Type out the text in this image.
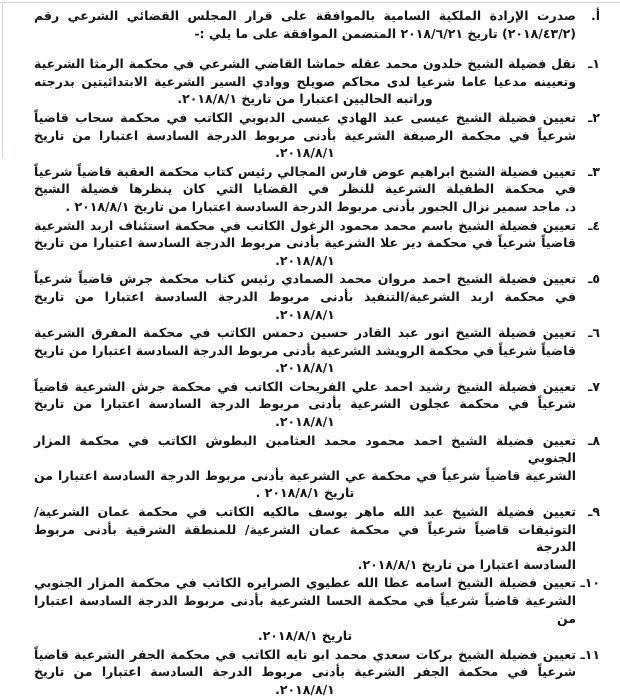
أ.
صدرت الإرادة الملكية السامية بالموافقة على قرار المجلس القضائي الشرعي رقم
(٢٠١٨/٤٣/٢) تاريخ ٢٠١٨/٦/٢١ المتضمن الموافقة على ما يلي :-
١ـ
نقل فضيلة الشيخ خلدون محمد عقله حماشا القاضي الشرعي في محكمة الرمثا الشرعية
وتعيينه مدعيا عاما شرعيا لدى محاكم صويلح ووادي السير الشرعية الابتدائيتين بدرجته
وراتبه الحاليين اعتبارا من تاريخ ٢٠١٨/٨/١.
٢ـ
تعيين فضيلة الشيخ عيسى عبد الهادي عيسى الدبوبي الكاتب في محكمة سحاب قاضياً
شرعياً في محكمة الرصيفة الشرعية بأدنى مربوط الدرجة السادسة اعتبارا من تاريخ
٢٠١٨/٨/١.
٣ـ
تعيين فضيلة الشيخ ابراهيم عوض فارس المجالي رئيس كتاب محكمة العقبة قاضياً شرعياً
في محكمة الطفيلة الشرعية للنظر في القضايا التي كان ينظرها فضيلة الشيخ
د. ماجد سمير نزال الجبور بأدنى مربوط الدرجة السادسة اعتبارا من تاريخ ٢٠١٨/٨/١ .
٤ـ
تعيين فضيلة الشيخ باسم محمد محمود الزغول الكاتب في محكمة استئناف اربد الشرعية
قاضياً شرعياً في محكمة دير علا الشرعية بأدنى مربوط الدرجة السادسة اعتبارا من تاريخ
٢٠١٨/٨/١.
٥ـ
تعيين فضيلة الشيخ احمد مروان محمد الصمادي رئيس كتاب محكمة جرش قاضياً شرعياً
في محكمة اربد الشرعية/التنفيذ بأدنى مربوط الدرجة السادسة اعتبارا من تاريخ
٢٠١٨/٨/١.
٦ـ
تعيين فضيلة الشيخ انور عبد القادر حسين دحمس الكاتب في محكمة المفرق الشرعية
قاضياً شرعياً في محكمة الرويشد الشرعية بأدنى مربوط الدرجة السادسة اعتبارا من تاريخ
٢٠١٨/٨/١.
٧ـ
تعيين فضيلة الشيخ رشيد احمد علي الفريحات الكاتب في محكمة جرش الشرعية قاضياً
شرعياً في محكمة عجلون الشرعية بأدنى مربوط الدرجة السادسة اعتبارا من تاريخ
٢٠١٨/٨/١.
٨ـ
تعيين فضيلة الشيخ احمد محمود محمد العثامين البطوش الكاتب في محكمة المزار الجنوبي
الشرعية قاضياً شرعياً في محكمة عي الشرعية بأدنى مربوط الدرجة السادسة اعتبارا من
تاريخ ٢٠١٨/٨/١ .
٩ـ
تعيين فضيلة الشيخ عبد الله ماهر يوسف مالكيه الكاتب في محكمة عمان الشرعية/
التوثيقات قاضياً شرعياً في محكمة عمان الشرعية/ للمنطقة الشرقية بأدنى مربوط الدرجة
السادسة اعتبارا من تاريخ ٢٠١٨/٨/١.
١٠ـ
تعيين فضيلة الشيخ اسامه عطا الله عطيوي الصرايره الكاتب في محكمة المزار الجنوبي
الشرعية قاضياً شرعياً في محكمة الحسا الشرعية بأدنى مربوط الدرجة السادسة اعتبارا من
تاريخ ٢٠١٨/٨/١.
١١ـ
تعيين فضيلة الشيخ بركات سعدي محمد ابو تايه الكاتب في محكمة الجفر الشرعية قاضياً
شرعياً في محكمة الجفر الشرعية بأدنى مربوط الدرجة السادسة اعتبارا من تاريخ
٢٠١٨/٨/١.
